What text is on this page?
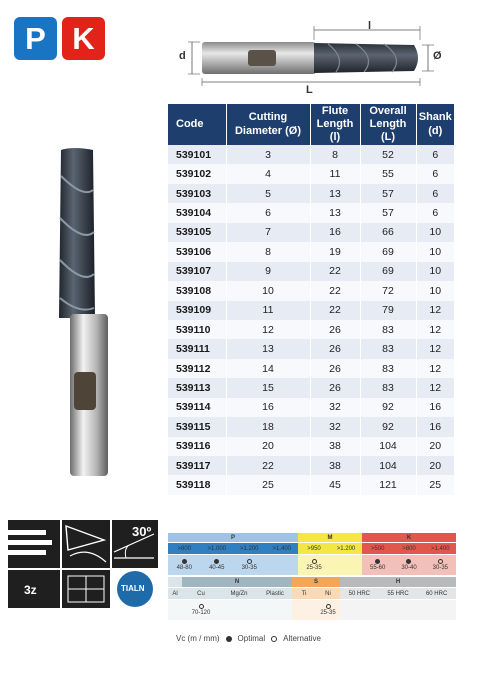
P K	l
Ø
d
L
Code	Cutting Diameter (Ø)	Flute Length (l)	Overall Length (L)	Shank (d)
539101	3	8	52	6
539102	4	11	55	6
539103	5	13	57	6
539104	6	13	57	6
539105	7	16	66	10
539106	8	19	69	10
539107	9	22	69	10
539108	10	22	72	10
539109	11	22	79	12
539110	12	26	83	12
539111	13	26	83	12
539112	14	26	83	12
539113	15	26	83	12
539114	16	32	92	16
539115	18	32	92	16
539116	20	38	104	20
539117	22	38	104	20
539118	25	45	121	25
3z
30º
TIALN
P	M	K
>800	>1.000	>1.200	>1.400	>950	>1.200	>500	>800	>1.400
48-80	40-45	30-35	25-35	55-60	30-40	30-35
N	S	H
Al	Cu	Mg/Zn	Plastic	Ti	Ni	50 HRC	55 HRC	60 HRC
70-120	25-35
Vc (m / mm) Optimal Alternative
